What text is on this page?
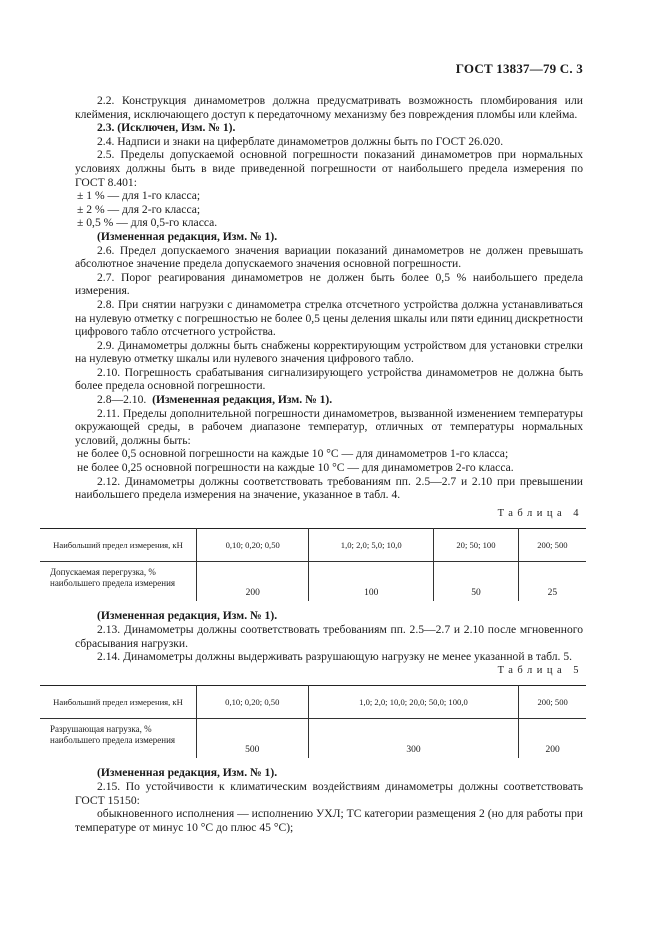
ГОСТ 13837—79 С. 3

2.2. Конструкция динамометров должна предусматривать возможность пломбирования или клеймения, исключающего доступ к передаточному механизму без повреждения пломбы или клейма.

2.3. (Исключен, Изм. № 1).

2.4. Надписи и знаки на циферблате динамометров должны быть по ГОСТ 26.020.

2.5. Пределы допускаемой основной погрешности показаний динамометров при нормальных условиях должны быть в виде приведенной погрешности от наибольшего предела измерения по ГОСТ 8.401:

± 1 % — для 1-го класса;

± 2 % — для 2-го класса;

± 0,5 % — для 0,5-го класса.

(Измененная редакция, Изм. № 1).

2.6. Предел допускаемого значения вариации показаний динамометров не должен превышать абсолютное значение предела допускаемого значения основной погрешности.

2.7. Порог реагирования динамометров не должен быть более 0,5 % наибольшего предела измерения.

2.8. При снятии нагрузки с динамометра стрелка отсчетного устройства должна устанавливаться на нулевую отметку с погрешностью не более 0,5 цены деления шкалы или пяти единиц дискретности цифрового табло отсчетного устройства.

2.9. Динамометры должны быть снабжены корректирующим устройством для установки стрелки на нулевую отметку шкалы или нулевого значения цифрового табло.

2.10. Погрешность срабатывания сигнализирующего устройства динамометров не должна быть более предела основной погрешности.

2.8—2.10. (Измененная редакция, Изм. № 1).

2.11. Пределы дополнительной погрешности динамометров, вызванной изменением температуры окружающей среды, в рабочем диапазоне температур, отличных от температуры нормальных условий, должны быть:

не более 0,5 основной погрешности на каждые 10 °С — для динамометров 1-го класса;

не более 0,25 основной погрешности на каждые 10 °С — для динамометров 2-го класса.

2.12. Динамометры должны соответствовать требованиям пп. 2.5—2.7 и 2.10 при превышении наибольшего предела измерения на значение, указанное в табл. 4.

Таблица 4
Наибольший предел измерения, кН	0,10; 0,20; 0,50	1,0; 2,0; 5,0; 10,0	20; 50; 100	200; 500
Допускаемая перегрузка, % наибольшего предела измерения	200	100	50	25

(Измененная редакция, Изм. № 1).

2.13. Динамометры должны соответствовать требованиям пп. 2.5—2.7 и 2.10 после мгновенного сбрасывания нагрузки.

2.14. Динамометры должны выдерживать разрушающую нагрузку не менее указанной в табл. 5.

Таблица 5
Наибольший предел измерения, кН	0,10; 0,20; 0,50	1,0; 2,0; 10,0; 20,0; 50,0; 100,0	200; 500
Разрушающая нагрузка, % наибольшего предела измерения	500	300	200

(Измененная редакция, Изм. № 1).

2.15. По устойчивости к климатическим воздействиям динамометры должны соответствовать ГОСТ 15150:

обыкновенного исполнения — исполнению УХЛ; ТС категории размещения 2 (но для работы при температуре от минус 10 °С до плюс 45 °С);
